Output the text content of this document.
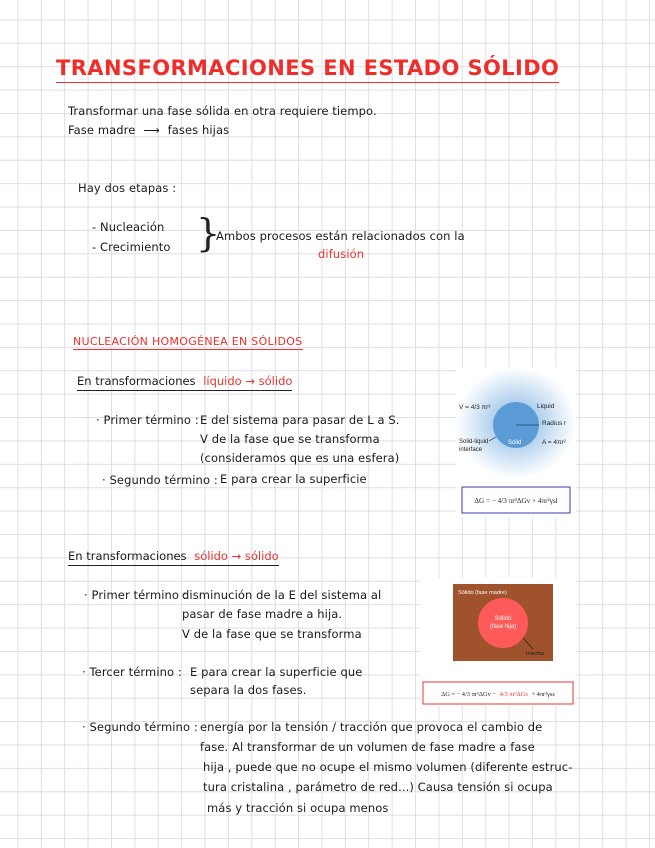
TRANSFORMACIONES EN ESTADO SÓLIDO
Transformar una fase sólida en otra requiere tiempo.
Fase madre ⟶ fases hijas
Hay dos etapas :
- Nucleación
- Crecimiento }
Ambos procesos están relacionados con la
difusión
NUCLEACIÓN HOMOGÉNEA EN SÓLIDOS
En transformaciones líquido → sólido
· Primer término : E del sistema para pasar de L a S.
V de la fase que se transforma
(consideramos que es una esfera)
· Segundo término : E para crear la superficie
V = 4/3 πr³	Liquid
Radius r
Solid	A = 4πr²
Solid-liquid
interface
ΔG = − 4/3 πr³ΔGv + 4πr²γsl
En transformaciones sólido → sólido
· Primer término :
disminución de la E del sistema al
pasar de fase madre a hija.
V de la fase que se transforma
· Tercer término : E para crear la superficie que
separa la dos fases.
Sólido (fase madre)
Sólido
(fase hija)
Interfaz
ΔG = − 4/3 πr³ΔGv − 4/3 πr³ΔGs + 4πr²γss
· Segundo término : energía por la tensión / tracción que provoca el cambio de
fase. Al transformar de un volumen de fase madre a fase
hija , puede que no ocupe el mismo volumen (diferente estruc-
tura cristalina , parámetro de red...) Causa tensión si ocupa
más y tracción si ocupa menos
